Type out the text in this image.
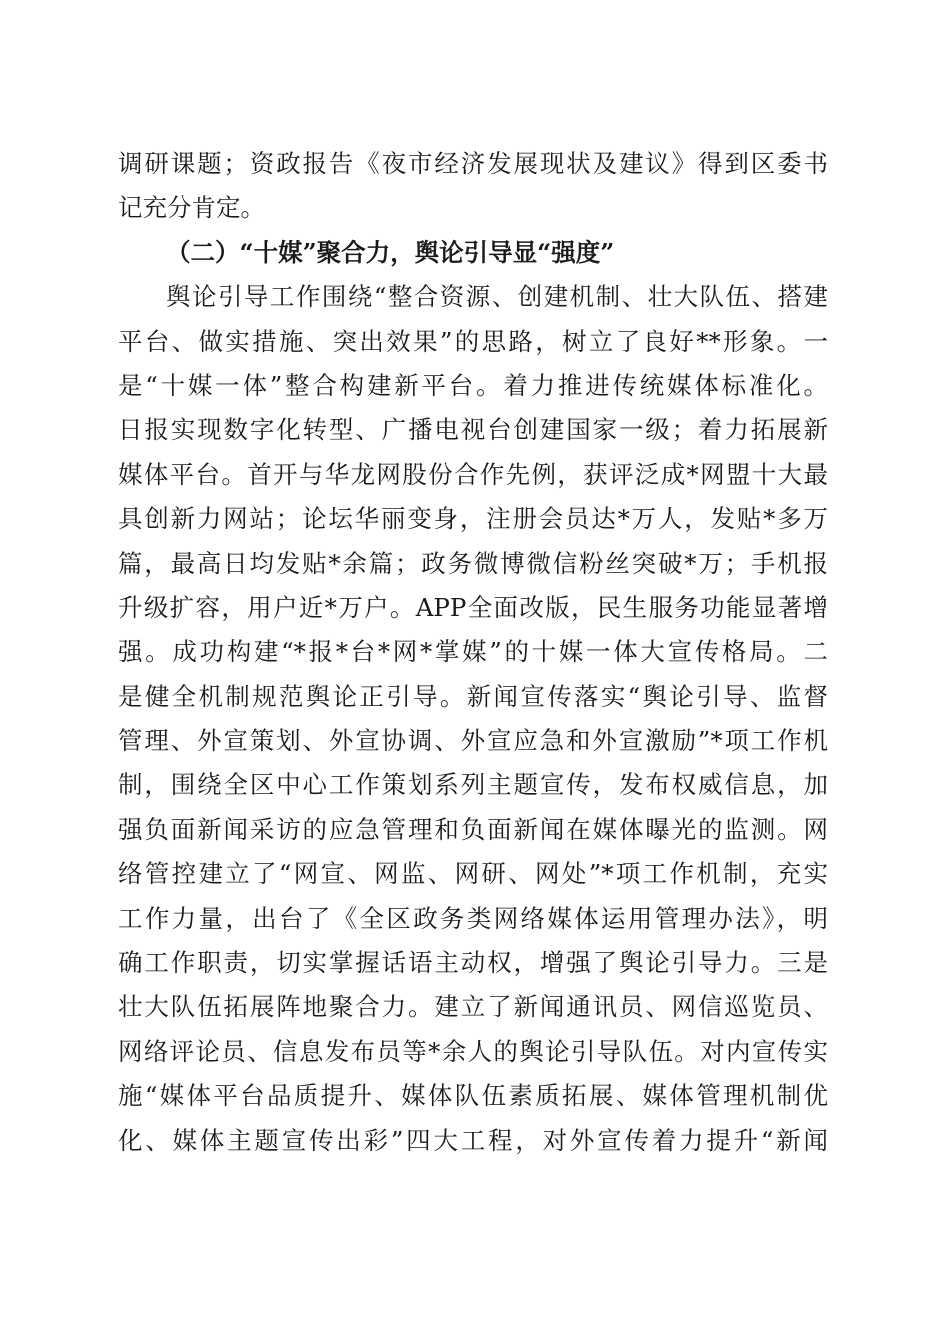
调研课题；资政报告《夜市经济发展现状及建议》得到区委书
记充分肯定。
（二）“十媒”聚合力，舆论引导显“强度”
舆论引导工作围绕“整合资源、创建机制、壮大队伍、搭建
平台、做实措施、突出效果”的思路，树立了良好**形象。一
是“十媒一体”整合构建新平台。着力推进传统媒体标准化。
日报实现数字化转型、广播电视台创建国家一级；着力拓展新
媒体平台。首开与华龙网股份合作先例，获评泛成*网盟十大最
具创新力网站；论坛华丽变身，注册会员达*万人，发贴*多万
篇，最高日均发贴*余篇；政务微博微信粉丝突破*万；手机报
升级扩容，用户近*万户。APP全面改版，民生服务功能显著增
强。成功构建“*报*台*网*掌媒”的十媒一体大宣传格局。二
是健全机制规范舆论正引导。新闻宣传落实“舆论引导、监督
管理、外宣策划、外宣协调、外宣应急和外宣激励”*项工作机
制，围绕全区中心工作策划系列主题宣传，发布权威信息，加
强负面新闻采访的应急管理和负面新闻在媒体曝光的监测。网
络管控建立了“网宣、网监、网研、网处”*项工作机制，充实
工作力量，出台了《全区政务类网络媒体运用管理办法》，明
确工作职责，切实掌握话语主动权，增强了舆论引导力。三是
壮大队伍拓展阵地聚合力。建立了新闻通讯员、网信巡览员、
网络评论员、信息发布员等*余人的舆论引导队伍。对内宣传实
施“媒体平台品质提升、媒体队伍素质拓展、媒体管理机制优
化、媒体主题宣传出彩”四大工程，对外宣传着力提升“新闻
